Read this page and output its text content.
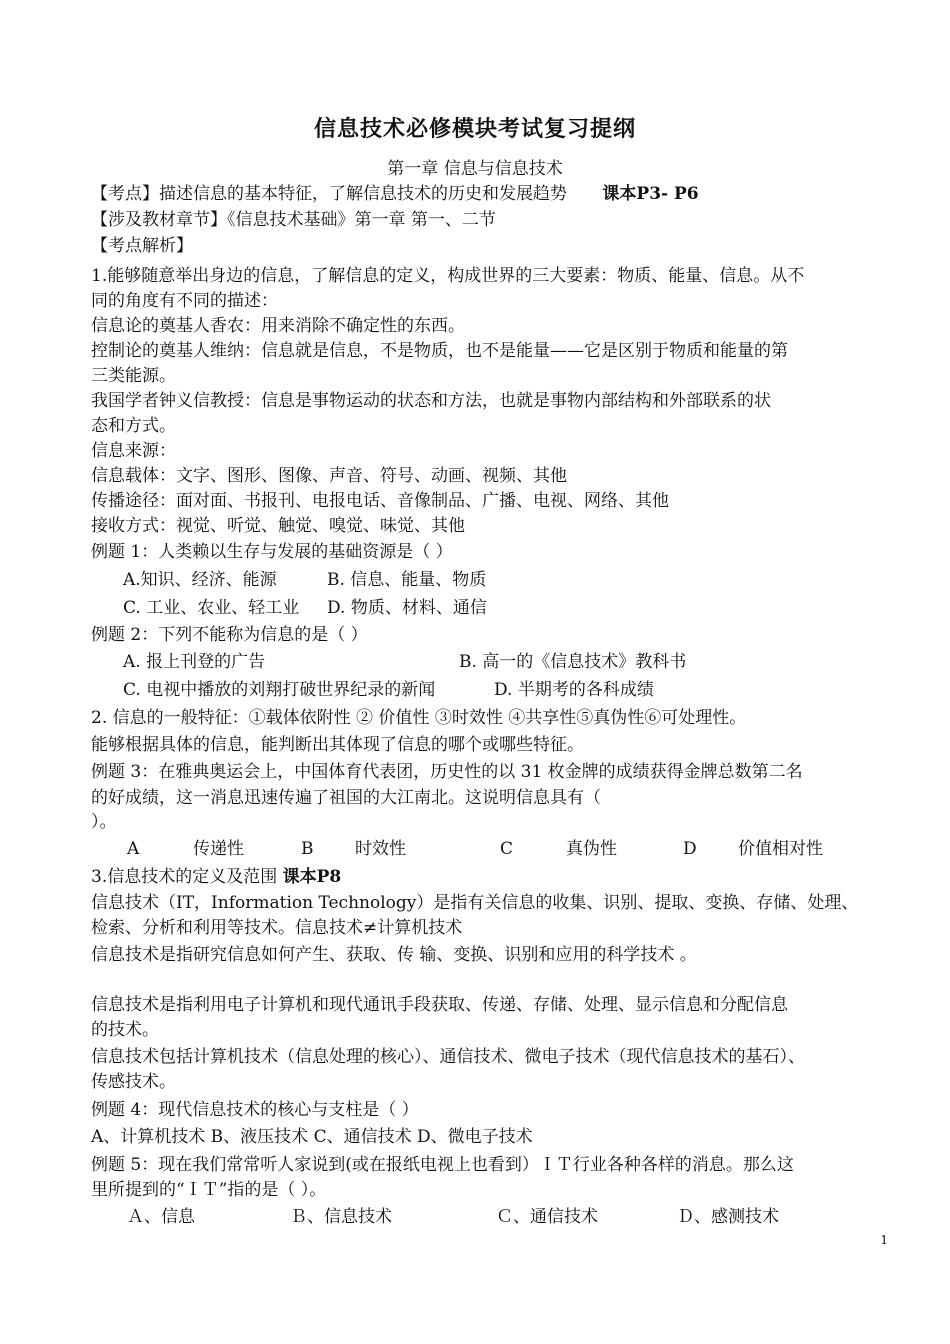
信息技术必修模块考试复习提纲
第一章 信息与信息技术
【考点】描述信息的基本特征，了解信息技术的历史和发展趋势 课本P3- P6
【涉及教材章节】《信息技术基础》第一章 第一、二节
【考点解析】
1.能够随意举出身边的信息，了解信息的定义，构成世界的三大要素：物质、能量、信息。从不
同的角度有不同的描述：
信息论的奠基人香农：用来消除不确定性的东西。
控制论的奠基人维纳：信息就是信息，不是物质，也不是能量——它是区别于物质和能量的第
三类能源。
我国学者钟义信教授：信息是事物运动的状态和方法，也就是事物内部结构和外部联系的状
态和方式。
信息来源：
信息载体：文字、图形、图像、声音、符号、动画、视频、其他
传播途径：面对面、书报刊、电报电话、音像制品、广播、电视、网络、其他
接收方式：视觉、听觉、触觉、嗅觉、味觉、其他
例题 1：人类赖以生存与发展的基础资源是（ ）
A.知识、经济、能源	B. 信息、能量、物质
C. 工业、农业、轻工业 D. 物质、材料、通信
例题 2：下列不能称为信息的是（ ）
A. 报上刊登的广告	B. 高一的《信息技术》教科书
C. 电视中播放的刘翔打破世界纪录的新闻	D. 半期考的各科成绩
2. 信息的一般特征：①载体依附性 ② 价值性 ③时效性 ④共享性⑤真伪性⑥可处理性。
能够根据具体的信息，能判断出其体现了信息的哪个或哪些特征。
例题 3：在雅典奥运会上，中国体育代表团，历史性的以 31 枚金牌的成绩获得金牌总数第二名
的好成绩，这一消息迅速传遍了祖国的大江南北。这说明信息具有（
）。
A	传递性	B 时效性	C	真伪性	D 价值相对性
3.信息技术的定义及范围 课本P8
信息技术（IT，Information Technology）是指有关信息的收集、识别、提取、变换、存储、处理、
检索、分析和利用等技术。信息技术≠计算机技术
信息技术是指研究信息如何产生、获取、传 输、变换、识别和应用的科学技术 。
信息技术是指利用电子计算机和现代通讯手段获取、传递、存储、处理、显示信息和分配信息
的技术。
信息技术包括计算机技术（信息处理的核心）、通信技术、微电子技术（现代信息技术的基石）、
传感技术。
例题 4：现代信息技术的核心与支柱是（ ）
A、计算机技术 B、液压技术 C、通信技术 D、微电子技术
例题 5：现在我们常常听人家说到(或在报纸电视上也看到）ＩＴ行业各种各样的消息。那么这
里所提到的“ＩＴ”指的是（ ）。
Ａ、信息	Ｂ、信息技术	Ｃ、通信技术	Ｄ、感测技术
1
